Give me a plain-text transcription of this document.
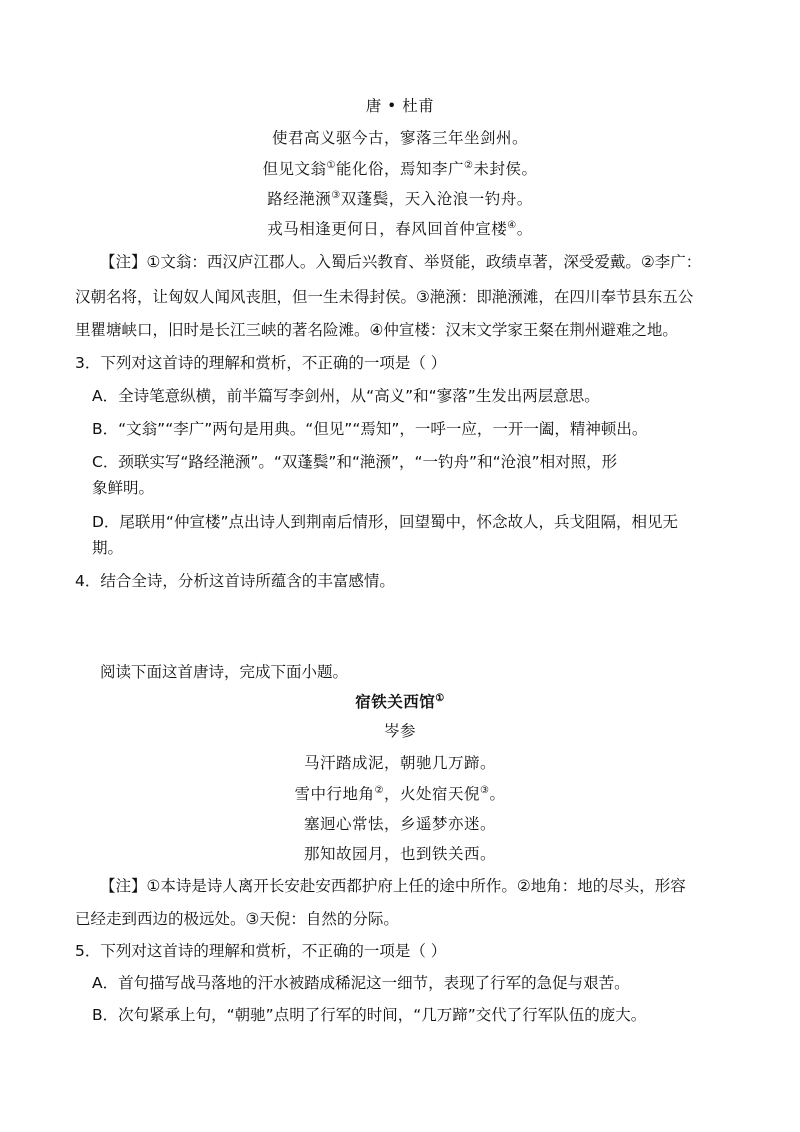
唐 • 杜甫
使君高义驱今古，寥落三年坐剑州。
但见文翁①能化俗，焉知李广②未封侯。
路经滟滪③双蓬鬓，天入沧浪一钓舟。
戎马相逢更何日，春风回首仲宣楼④。
【注】①文翁：西汉庐江郡人。入蜀后兴教育、举贤能，政绩卓著，深受爱戴。②李广：
汉朝名将，让匈奴人闻风丧胆，但一生未得封侯。③滟滪：即滟滪滩，在四川奉节县东五公
里瞿塘峡口，旧时是长江三峡的著名险滩。④仲宣楼：汉末文学家王粲在荆州避难之地。
3．下列对这首诗的理解和赏析，不正确的一项是（ ）
A．全诗笔意纵横，前半篇写李剑州，从“高义”和“寥落”生发出两层意思。
B．“文翁”“李广”两句是用典。“但见”“焉知”，一呼一应，一开一阖，精神顿出。
C．颈联实写“路经滟滪”。“双蓬鬓”和“滟滪”，“一钓舟”和“沧浪”相对照，形
象鲜明。
D．尾联用“仲宣楼”点出诗人到荆南后情形，回望蜀中，怀念故人，兵戈阻隔，相见无
期。
4．结合全诗，分析这首诗所蕴含的丰富感情。
阅读下面这首唐诗，完成下面小题。
宿铁关西馆①
岑参
马汗踏成泥，朝驰几万蹄。
雪中行地角②，火处宿天倪③。
塞迥心常怯，乡遥梦亦迷。
那知故园月，也到铁关西。
【注】①本诗是诗人离开长安赴安西都护府上任的途中所作。②地角：地的尽头，形容
已经走到西边的极远处。③天倪：自然的分际。
5．下列对这首诗的理解和赏析，不正确的一项是（ ）
A．首句描写战马落地的汗水被踏成稀泥这一细节，表现了行军的急促与艰苦。
B．次句紧承上句，“朝驰”点明了行军的时间，“几万蹄”交代了行军队伍的庞大。
